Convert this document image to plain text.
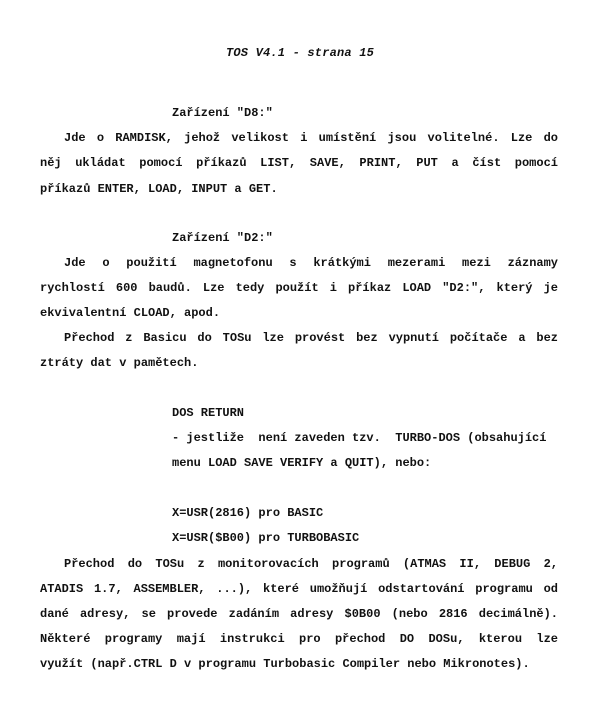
TOS V4.1 - strana 15
Zařízení "D8:"
Jde o RAMDISK, jehož velikost i umístění jsou volitelné. Lze do
něj ukládat pomocí příkazů LIST, SAVE, PRINT, PUT a číst pomocí
příkazů ENTER, LOAD, INPUT a GET.
Zařízení "D2:"
Jde o použití magnetofonu s krátkými mezerami mezi záznamy
rychlostí 600 baudů. Lze tedy použít i příkaz LOAD "D2:", který je
ekvivalentní CLOAD, apod.
Přechod z Basicu do TOSu lze provést bez vypnutí počítače a bez
ztráty dat v pamětech.
DOS RETURN
- jestliže  není zaveden tzv.  TURBO-DOS (obsahující
menu LOAD SAVE VERIFY a QUIT), nebo:
X=USR(2816) pro BASIC
X=USR($B00) pro TURBOBASIC
Přechod do TOSu z monitorovacích programů (ATMAS II, DEBUG 2,
ATADIS 1.7, ASSEMBLER, ...), které umožňují odstartování programu od
dané adresy, se provede zadáním adresy $0B00 (nebo 2816 decimálně).
Některé programy mají instrukci pro přechod DO DOSu, kterou lze
využít (např.CTRL D v programu Turbobasic Compiler nebo Mikronotes).
